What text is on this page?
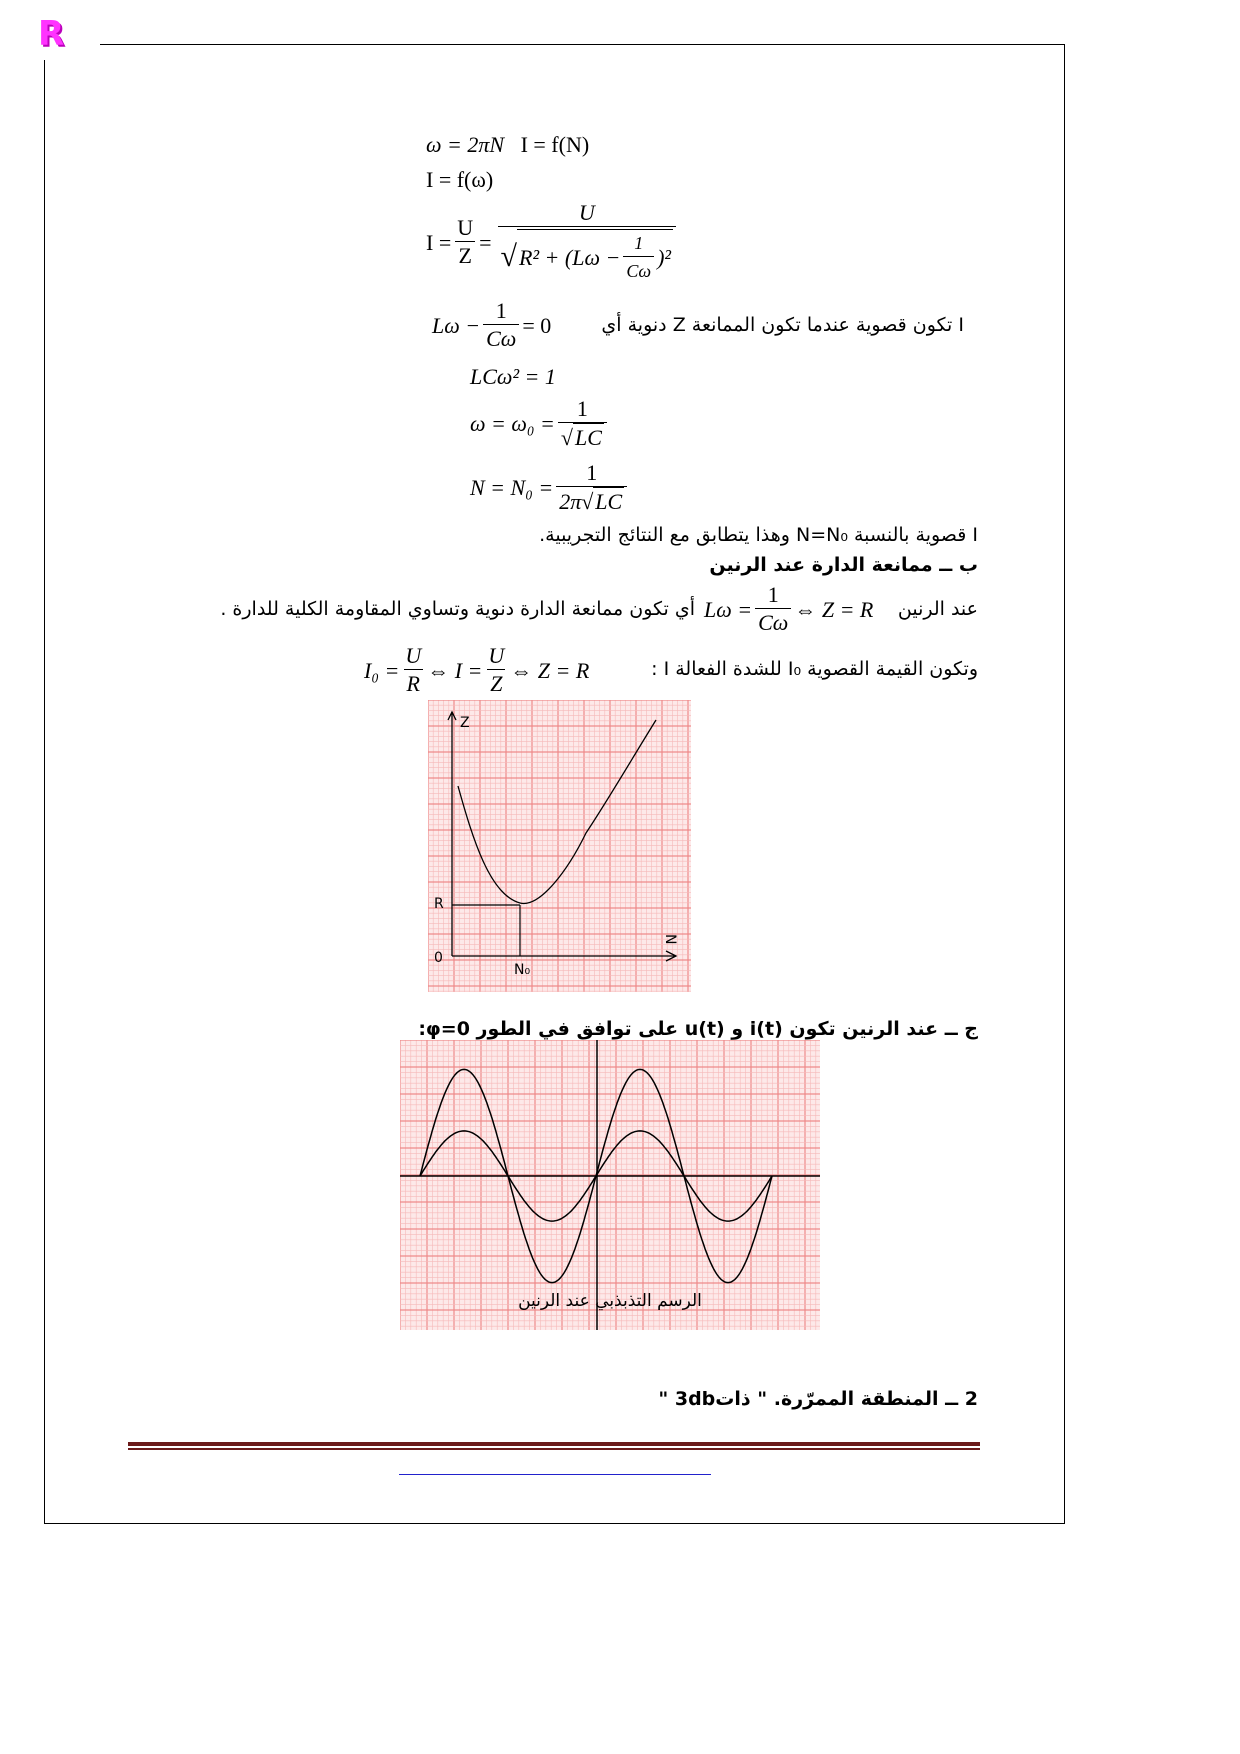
R
ω = 2πN I = f(N)
I = f(ω)
$I = \frac{U}{Z} = \frac{U}{√ R^2 + (L\omega - \frac{1}{C\omega} )^2}$
$L\omega - \frac{1}{C\omega} = 0$	I تكون قصوية عندما تكون الممانعة Z دنوية أي
LCω² = 1
$\omega = \omega_0 = \frac{1}{√ LC}$
$N = N_0 = \frac{1}{2\pi √ LC}$
I قصوية بالنسبة N=N₀ وهذا يتطابق مع النتائج التجريبية.
ب ــ ممانعة الدارة عند الرنين
عند الرنين
$L\omega = \frac{1}{C\omega}$ ⇔ Z = R
أي تكون ممانعة الدارة دنوية وتساوي المقاومة الكلية للدارة .
وتكون القيمة القصوية I₀ للشدة الفعالة I :
$I_0 = \frac{U}{R}$ ⇔ $I = \frac{U}{Z}$ ⇔ Z = R
Z
N
R
0
N₀
ج ــ عند الرنين تكون i(t) و u(t) على توافق في الطور φ=0:
الرسم التذبذبي عند الرنين
2 ــ المنطقة الممرّرة. " ذات3db "
